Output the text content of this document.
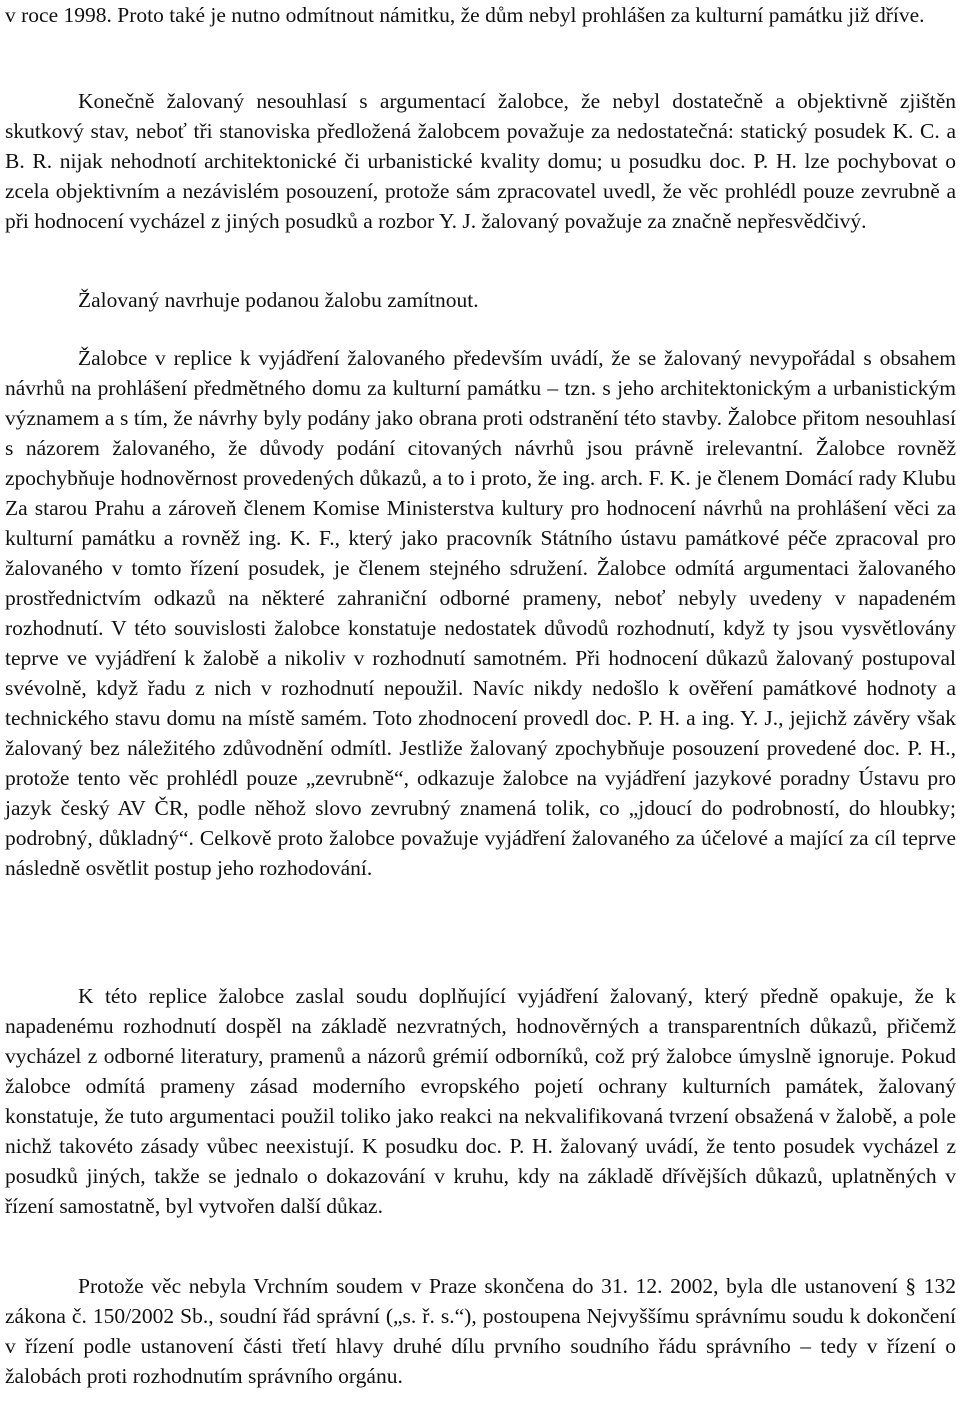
v roce 1998. Proto také je nutno odmítnout námitku, že dům nebyl prohlášen za kulturní památku již dříve.

Konečně žalovaný nesouhlasí s argumentací žalobce, že nebyl dostatečně a objektivně zjištěn skutkový stav, neboť tři stanoviska předložená žalobcem považuje za nedostatečná: statický posudek K. C. a B. R. nijak nehodnotí architektonické či urbanistické kvality domu; u posudku doc. P. H. lze pochybovat o zcela objektivním a nezávislém posouzení, protože sám zpracovatel uvedl, že věc prohlédl pouze zevrubně a při hodnocení vycházel z jiných posudků a rozbor Y. J. žalovaný považuje za značně nepřesvědčivý.

Žalovaný navrhuje podanou žalobu zamítnout.

Žalobce v replice k vyjádření žalovaného především uvádí, že se žalovaný nevypořádal s obsahem návrhů na prohlášení předmětného domu za kulturní památku – tzn. s jeho architektonickým a urbanistickým významem a s tím, že návrhy byly podány jako obrana proti odstranění této stavby. Žalobce přitom nesouhlasí s názorem žalovaného, že důvody podání citovaných návrhů jsou právně irelevantní. Žalobce rovněž zpochybňuje hodnověrnost provedených důkazů, a to i proto, že ing. arch. F. K. je členem Domácí rady Klubu Za starou Prahu a zároveň členem Komise Ministerstva kultury pro hodnocení návrhů na prohlášení věci za kulturní památku a rovněž ing. K. F., který jako pracovník Státního ústavu památkové péče zpracoval pro žalovaného v tomto řízení posudek, je členem stejného sdružení. Žalobce odmítá argumentaci žalovaného prostřednictvím odkazů na některé zahraniční odborné prameny, neboť nebyly uvedeny v napadeném rozhodnutí. V této souvislosti žalobce konstatuje nedostatek důvodů rozhodnutí, když ty jsou vysvětlovány teprve ve vyjádření k žalobě a nikoliv v rozhodnutí samotném. Při hodnocení důkazů žalovaný postupoval svévolně, když řadu z nich v rozhodnutí nepoužil. Navíc nikdy nedošlo k ověření památkové hodnoty a technického stavu domu na místě samém. Toto zhodnocení provedl doc. P. H. a ing. Y. J., jejichž závěry však žalovaný bez náležitého zdůvodnění odmítl. Jestliže žalovaný zpochybňuje posouzení provedené doc. P. H., protože tento věc prohlédl pouze „zevrubně“, odkazuje žalobce na vyjádření jazykové poradny Ústavu pro jazyk český AV ČR, podle něhož slovo zevrubný znamená tolik, co „jdoucí do podrobností, do hloubky; podrobný, důkladný“. Celkově proto žalobce považuje vyjádření žalovaného za účelové a mající za cíl teprve následně osvětlit postup jeho rozhodování.

K této replice žalobce zaslal soudu doplňující vyjádření žalovaný, který předně opakuje, že k napadenému rozhodnutí dospěl na základě nezvratných, hodnověrných a transparentních důkazů, přičemž vycházel z odborné literatury, pramenů a názorů grémií odborníků, což prý žalobce úmyslně ignoruje. Pokud žalobce odmítá prameny zásad moderního evropského pojetí ochrany kulturních památek, žalovaný konstatuje, že tuto argumentaci použil toliko jako reakci na nekvalifikovaná tvrzení obsažená v žalobě, a pole nichž takovéto zásady vůbec neexistují. K posudku doc. P. H. žalovaný uvádí, že tento posudek vycházel z posudků jiných, takže se jednalo o dokazování v kruhu, kdy na základě dřívějších důkazů, uplatněných v řízení samostatně, byl vytvořen další důkaz.

Protože věc nebyla Vrchním soudem v Praze skončena do 31. 12. 2002, byla dle ustanovení § 132 zákona č. 150/2002 Sb., soudní řád správní („s. ř. s.“), postoupena Nejvyššímu správnímu soudu k dokončení v řízení podle ustanovení části třetí hlavy druhé dílu prvního soudního řádu správního – tedy v řízení o žalobách proti rozhodnutím správního orgánu.
